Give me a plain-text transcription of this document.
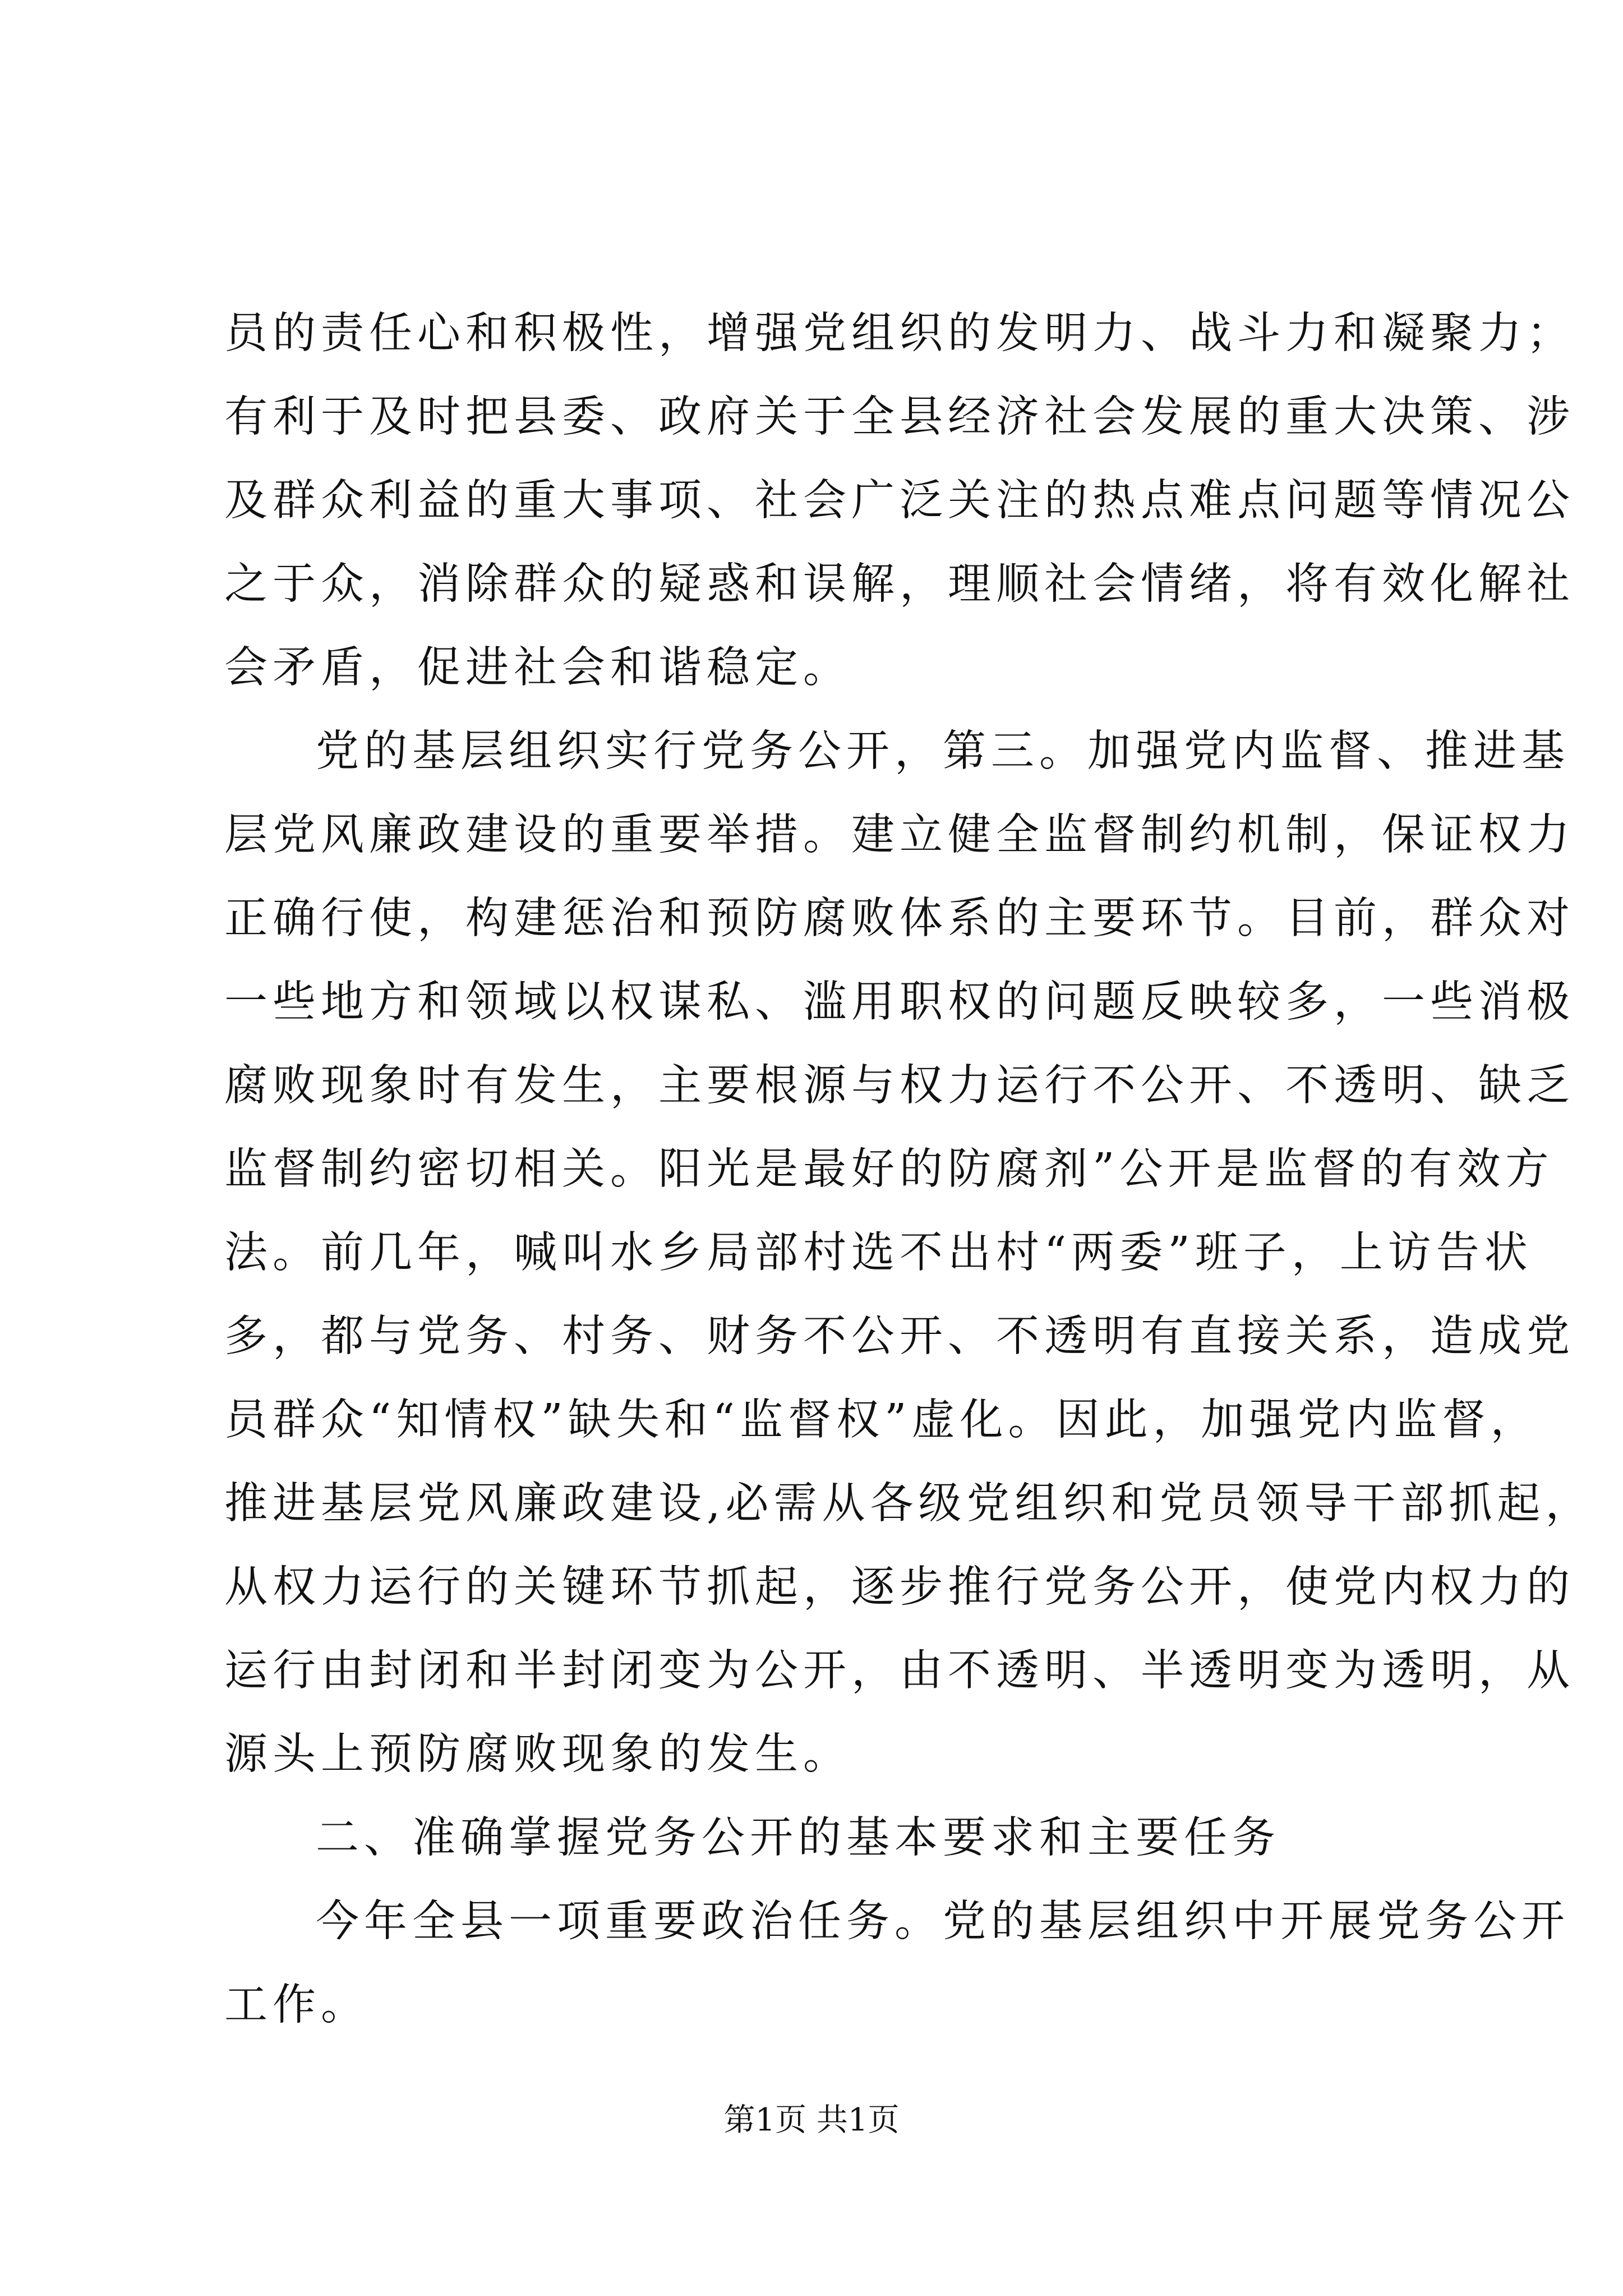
员的责任心和积极性，增强党组织的发明力、战斗力和凝聚力；
有利于及时把县委、政府关于全县经济社会发展的重大决策、涉
及群众利益的重大事项、社会广泛关注的热点难点问题等情况公
之于众，消除群众的疑惑和误解，理顺社会情绪，将有效化解社
会矛盾，促进社会和谐稳定。
党的基层组织实行党务公开，第三。加强党内监督、推进基
层党风廉政建设的重要举措。建立健全监督制约机制，保证权力
正确行使，构建惩治和预防腐败体系的主要环节。目前，群众对
一些地方和领域以权谋私、滥用职权的问题反映较多，一些消极
腐败现象时有发生，主要根源与权力运行不公开、不透明、缺乏
监督制约密切相关。阳光是最好的防腐剂”公开是监督的有效方
法。前几年，喊叫水乡局部村选不出村“两委”班子，上访告状
多，都与党务、村务、财务不公开、不透明有直接关系，造成党
员群众“知情权”缺失和“监督权”虚化。因此，加强党内监督，
推进基层党风廉政建设,必需从各级党组织和党员领导干部抓起，
从权力运行的关键环节抓起，逐步推行党务公开，使党内权力的
运行由封闭和半封闭变为公开，由不透明、半透明变为透明，从
源头上预防腐败现象的发生。
二、准确掌握党务公开的基本要求和主要任务
今年全县一项重要政治任务。党的基层组织中开展党务公开
工作。
第1页 共1页
